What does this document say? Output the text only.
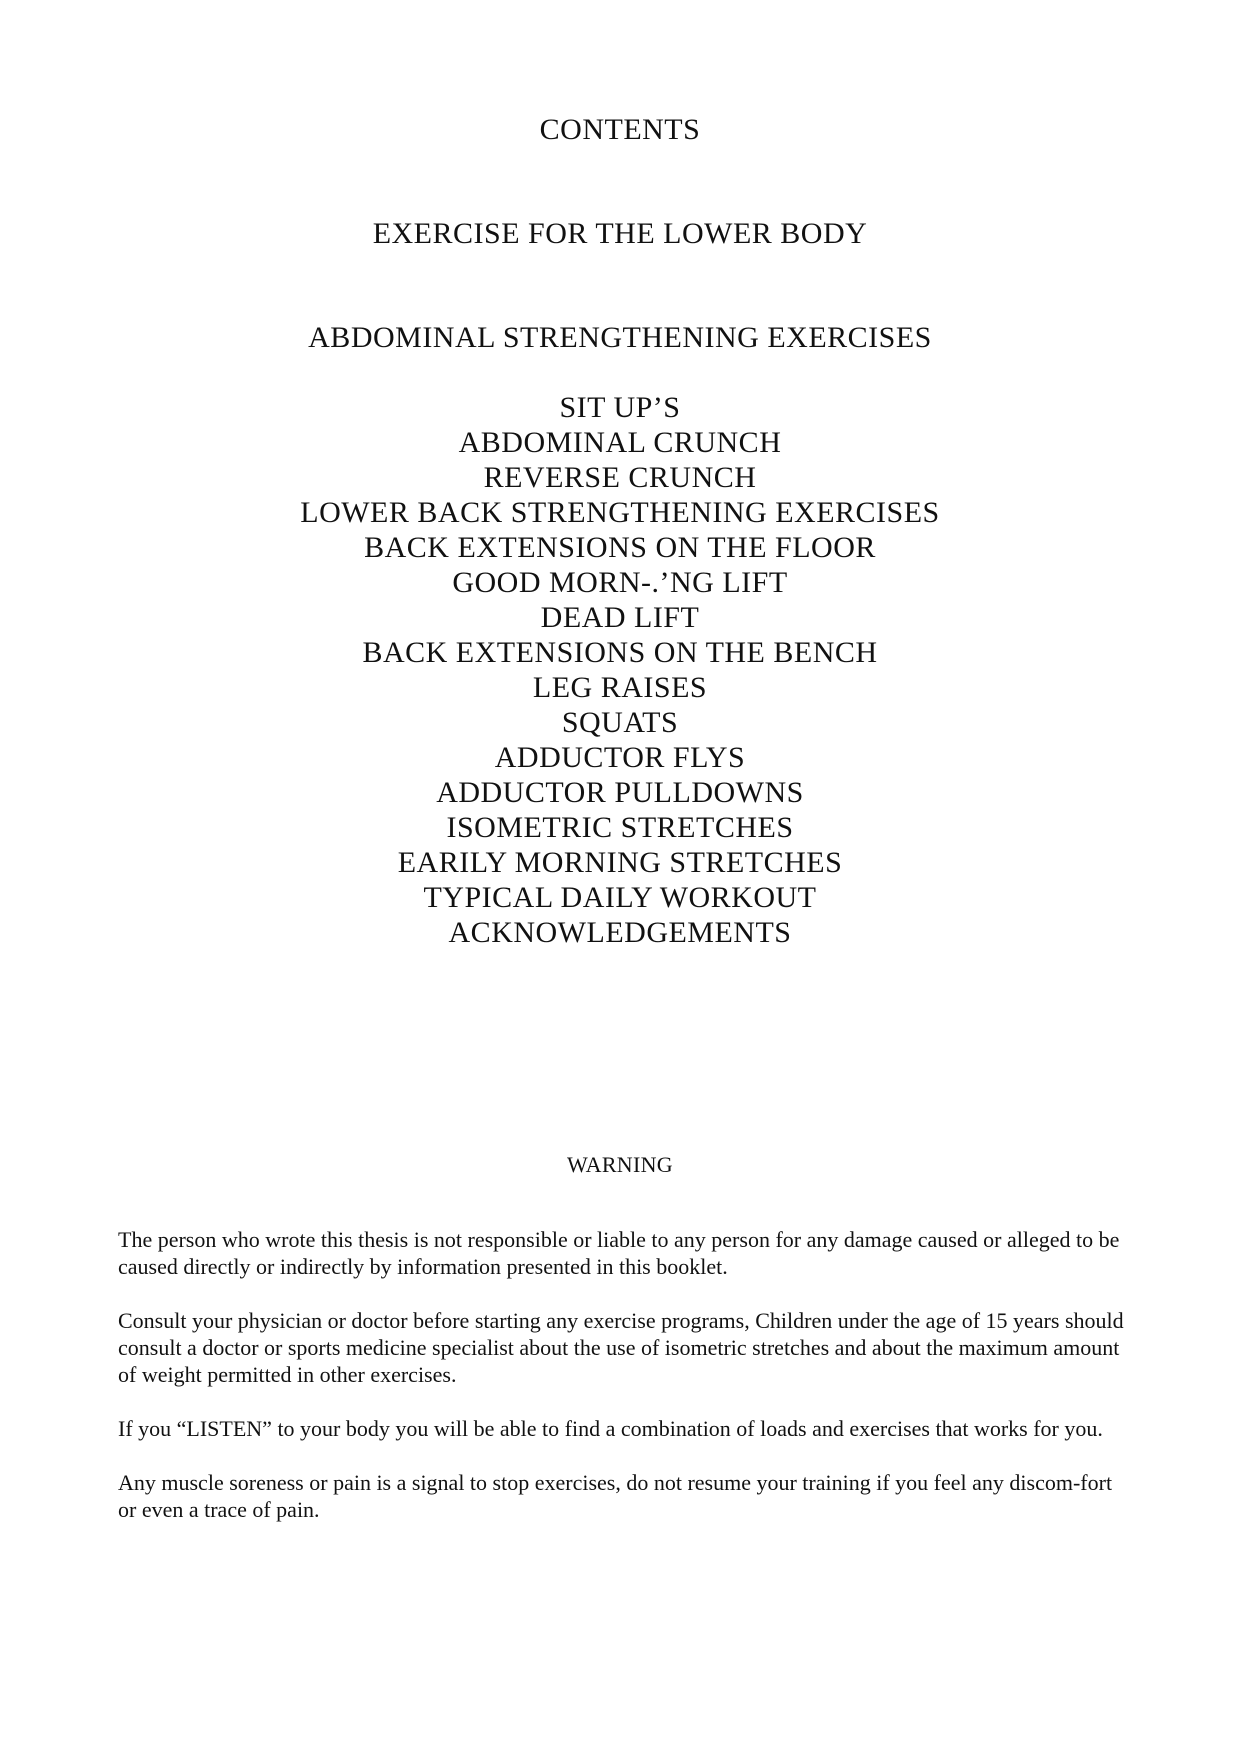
CONTENTS
EXERCISE FOR THE LOWER BODY
ABDOMINAL STRENGTHENING EXERCISES
SIT UP’S
ABDOMINAL CRUNCH
REVERSE CRUNCH
LOWER BACK STRENGTHENING EXERCISES
BACK EXTENSIONS ON THE FLOOR
GOOD MORN-.’NG LIFT
DEAD LIFT
BACK EXTENSIONS ON THE BENCH
LEG RAISES
SQUATS
ADDUCTOR FLYS
ADDUCTOR PULLDOWNS
ISOMETRIC STRETCHES
EARILY MORNING STRETCHES
TYPICAL DAILY WORKOUT
ACKNOWLEDGEMENTS
WARNING

The person who wrote this thesis is not responsible or liable to any person for any damage caused or alleged to be caused directly or indirectly by information presented in this booklet.

Consult your physician or doctor before starting any exercise programs, Children under the age of 15 years should consult a doctor or sports medicine specialist about the use of isometric stretches and about the maximum amount of weight permitted in other exercises.

If you “LISTEN” to your body you will be able to find a combination of loads and exercises that works for you.

Any muscle soreness or pain is a signal to stop exercises, do not resume your training if you feel any discom-fort or even a trace of pain.
